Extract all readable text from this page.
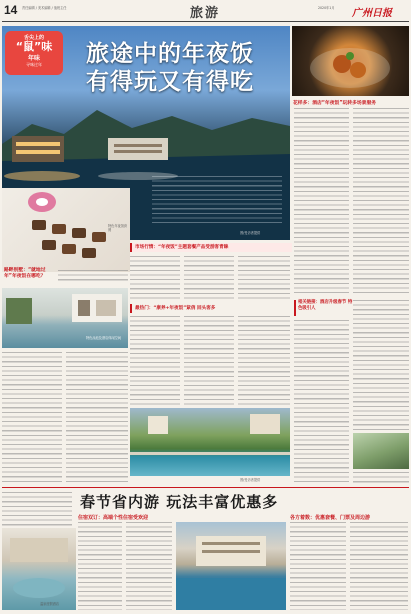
14 责任编辑 / 美术编辑 / 值班主任	旅游	2020年1月	广州日报
舌尖上的
“鼠”味
年味
寻味过年	旅途中的年夜饭
有得玩又有得吃
图/受访者提供
花样多：酒店“年夜饭”玩转多场景服务
相关链接：酒店升级春节 特色吸引人
特色年夜饭套餐
路畔别墅：“就地过年”年夜饭在哪吃？
市场行情：“年夜饭”主题套餐产品受游客青睐
最热门：“康养+年夜饭”紧俏 回头客多
特色泳池及酒店休闲空间
图/受访者提供
春节省内游 玩法丰富优惠多
住宿双订：高端个性住宿受欢迎	各方着数：优惠套餐、门票及周边游
温泉度假酒店
